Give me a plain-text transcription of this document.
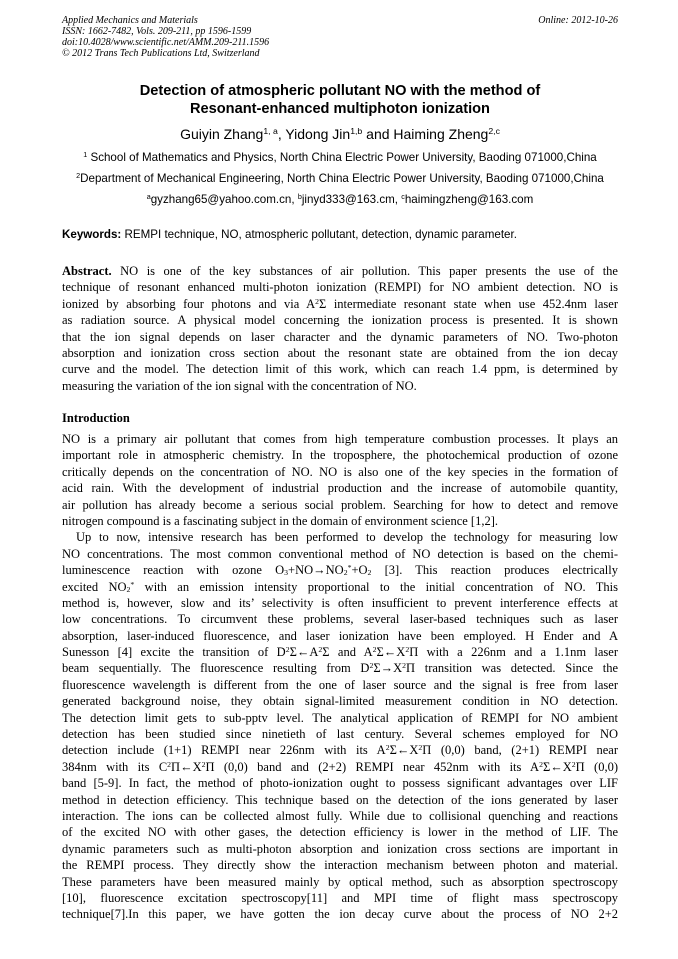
Applied Mechanics and Materials
ISSN: 1662-7482, Vols. 209-211, pp 1596-1599
doi:10.4028/www.scientific.net/AMM.209-211.1596
© 2012 Trans Tech Publications Ltd, Switzerland
Online: 2012-10-26
Detection of atmospheric pollutant NO with the method of
Resonant-enhanced multiphoton ionization
Guiyin Zhang$^{1, a}$, Yidong Jin$^{1,b}$ and Haiming Zheng$^{2,c}$
$^1$ School of Mathematics and Physics, North China Electric Power University, Baoding 071000,China
$^2$Department of Mechanical Engineering, North China Electric Power University, Baoding 071000,China
$^a$gyzhang65@yahoo.com.cn, $^b$jinyd333@163.cm, $^c$haimingzheng@163.com
Keywords: REMPI technique, NO, atmospheric pollutant, detection, dynamic parameter.
Abstract. NO is one of the key substances of air pollution. This paper presents the use of the
technique of resonant enhanced multi-photon ionization (REMPI) for NO ambient detection. NO is
ionized by absorbing four photons and via $A^2\Sigma$ intermediate resonant state when use 452.4nm laser
as radiation source. A physical model concerning the ionization process is presented. It is shown
that the ion signal depends on laser character and the dynamic parameters of NO. Two-photon
absorption and ionization cross section about the resonant state are obtained from the ion decay
curve and the model. The detection limit of this work, which can reach 1.4 ppm, is determined by
measuring the variation of the ion signal with the concentration of NO.
Introduction
NO is a primary air pollutant that comes from high temperature combustion processes. It plays an
important role in atmospheric chemistry. In the troposphere, the photochemical production of ozone
critically depends on the concentration of NO. NO is also one of the key species in the formation of
acid rain. With the development of industrial production and the increase of automobile quantity,
air pollution has already become a serious social problem. Searching for how to detect and remove
nitrogen compound is a fascinating subject in the domain of environment science [1,2].
Up to now, intensive research has been performed to develop the technology for measuring low
NO concentrations. The most common conventional method of NO detection is based on the chemi-
luminescence reaction with ozone $O_3+NO\to NO_2^*+O_2$ [3]. This reaction produces electrically
excited $NO_2^*$ with an emission intensity proportional to the initial concentration of NO. This
method is, however, slow and its’ selectivity is often insufficient to prevent interference effects at
low concentrations. To circumvent these problems, several laser-based techniques such as laser
absorption, laser-induced fluorescence, and laser ionization have been employed. H Ender and A
Sunesson [4] excite the transition of $D^2\Sigma\leftarrow A^2\Sigma$ and $A^2\Sigma\leftarrow X^2\Pi$ with a 226nm and a 1.1nm laser
beam sequentially. The fluorescence resulting from $D^2\Sigma\to X^2\Pi$ transition was detected. Since the
fluorescence wavelength is different from the one of laser source and the signal is free from laser
generated background noise, they obtain signal-limited measurement condition in NO detection.
The detection limit gets to sub-pptv level. The analytical application of REMPI for NO ambient
detection has been studied since ninetieth of last century. Several schemes employed for NO
detection include (1+1) REMPI near 226nm with its $A^2\Sigma\leftarrow X^2\Pi$ (0,0) band, (2+1) REMPI near
384nm with its $C^2\Pi\leftarrow X^2\Pi$ (0,0) band and (2+2) REMPI near 452nm with its $A^2\Sigma\leftarrow X^2\Pi$ (0,0)
band [5-9]. In fact, the method of photo-ionization ought to possess significant advantages over LIF
method in detection efficiency. This technique based on the detection of the ions generated by laser
interaction. The ions can be collected almost fully. While due to collisional quenching and reactions
of the excited NO with other gases, the detection efficiency is lower in the method of LIF. The
dynamic parameters such as multi-photon absorption and ionization cross sections are important in
the REMPI process. They directly show the interaction mechanism between photon and material.
These parameters have been measured mainly by optical method, such as absorption spectroscopy
[10], fluorescence excitation spectroscopy[11] and MPI time of flight mass spectroscopy
technique[7].In this paper, we have gotten the ion decay curve about the process of NO 2+2
